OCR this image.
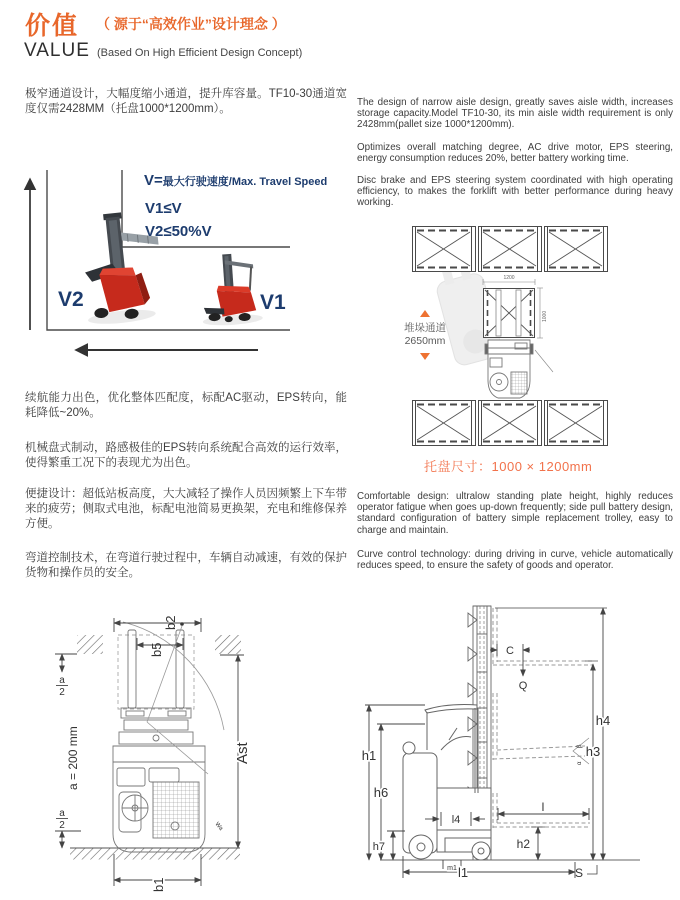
价值 （ 源于“高效作业”设计理念 ）
VALUE (Based On High Efficient Design Concept)
极窄通道设计，大幅度缩小通道，提升库容量。TF10-30通道宽度仅需2428MM（托盘1000*1200mm）。
续航能力出色，优化整体匹配度，标配AC驱动，EPS转向，能耗降低~20%。
机械盘式制动，路感极佳的EPS转向系统配合高效的运行效率，使得繁重工况下的表现尤为出色。
便捷设计：超低站板高度，大大减轻了操作人员因频繁上下车带来的疲劳；侧取式电池，标配电池简易更换架，充电和维修保养方便。
弯道控制技术，在弯道行驶过程中，车辆自动减速，有效的保护货物和操作员的安全。
The design of narrow aisle design, greatly saves aisle width, increases storage capacity.Model TF10-30, its min aisle width requirement is only 2428mm(pallet size 1000*1200mm).
Optimizes overall matching degree, AC drive motor, EPS steering, energy consumption reduces 20%, better battery working time.
Disc brake and EPS steering system coordinated with high operating efficiency, to makes the forklift with better performance during heavy working.
Comfortable design: ultralow standing plate height, highly reduces operator fatigue when goes up-down frequently; side pull battery design, standard configuration of battery simple replacement trolley, easy to charge and maintain.
Curve control technology: during driving in curve, vehicle automatically reduces speed, to ensure the safety of goods and operator.
V=最大行驶速度/Max. Travel Speed
V1≤V
V2≤50%V
V2	V1
1200
1000
堆垛通道
2650mm
托盘尺寸：1000 × 1200mm
Wa
b2
b5
Ast
b1
a = 200 mm
a
2
a
2
h1
h6
h7
h4
h3
C
Q
l
l4
h2
S
m1 l1
β
α
